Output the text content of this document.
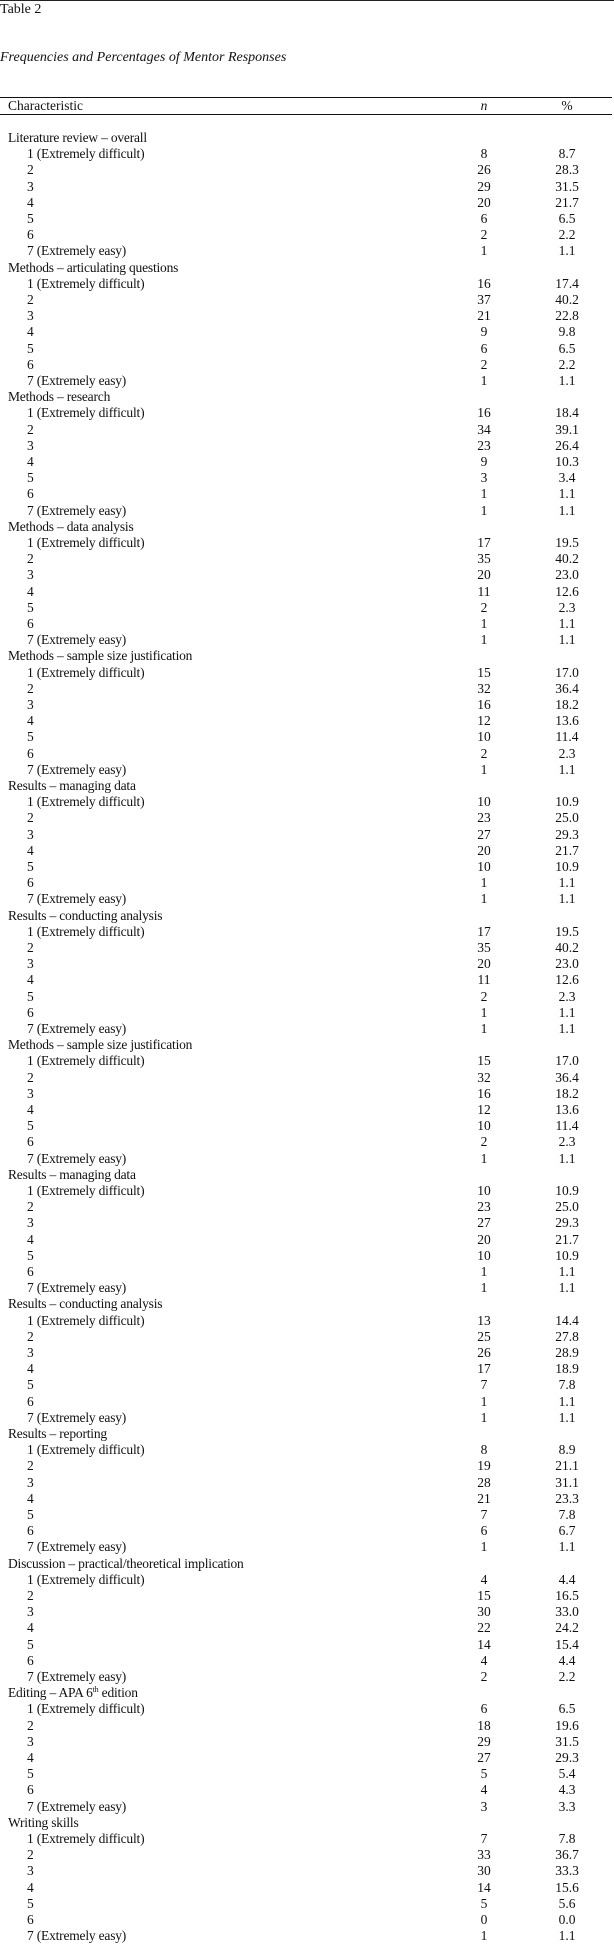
Table 2
Frequencies and Percentages of Mentor Responses
Characteristic	n	%
Literature review – overall
1 (Extremely difficult)	8	8.7
2	26	28.3
3	29	31.5
4	20	21.7
5	6	6.5
6	2	2.2
7 (Extremely easy)	1	1.1
Methods – articulating questions
1 (Extremely difficult)	16	17.4
2	37	40.2
3	21	22.8
4	9	9.8
5	6	6.5
6	2	2.2
7 (Extremely easy)	1	1.1
Methods – research
1 (Extremely difficult)	16	18.4
2	34	39.1
3	23	26.4
4	9	10.3
5	3	3.4
6	1	1.1
7 (Extremely easy)	1	1.1
Methods – data analysis
1 (Extremely difficult)	17	19.5
2	35	40.2
3	20	23.0
4	11	12.6
5	2	2.3
6	1	1.1
7 (Extremely easy)	1	1.1
Methods – sample size justification
1 (Extremely difficult)	15	17.0
2	32	36.4
3	16	18.2
4	12	13.6
5	10	11.4
6	2	2.3
7 (Extremely easy)	1	1.1
Results – managing data
1 (Extremely difficult)	10	10.9
2	23	25.0
3	27	29.3
4	20	21.7
5	10	10.9
6	1	1.1
7 (Extremely easy)	1	1.1
Results – conducting analysis
1 (Extremely difficult)	17	19.5
2	35	40.2
3	20	23.0
4	11	12.6
5	2	2.3
6	1	1.1
7 (Extremely easy)	1	1.1
Methods – sample size justification
1 (Extremely difficult)	15	17.0
2	32	36.4
3	16	18.2
4	12	13.6
5	10	11.4
6	2	2.3
7 (Extremely easy)	1	1.1
Results – managing data
1 (Extremely difficult)	10	10.9
2	23	25.0
3	27	29.3
4	20	21.7
5	10	10.9
6	1	1.1
7 (Extremely easy)	1	1.1
Results – conducting analysis
1 (Extremely difficult)	13	14.4
2	25	27.8
3	26	28.9
4	17	18.9
5	7	7.8
6	1	1.1
7 (Extremely easy)	1	1.1
Results – reporting
1 (Extremely difficult)	8	8.9
2	19	21.1
3	28	31.1
4	21	23.3
5	7	7.8
6	6	6.7
7 (Extremely easy)	1	1.1
Discussion – practical/theoretical implication
1 (Extremely difficult)	4	4.4
2	15	16.5
3	30	33.0
4	22	24.2
5	14	15.4
6	4	4.4
7 (Extremely easy)	2	2.2
Editing – APA 6th edition
1 (Extremely difficult)	6	6.5
2	18	19.6
3	29	31.5
4	27	29.3
5	5	5.4
6	4	4.3
7 (Extremely easy)	3	3.3
Writing skills
1 (Extremely difficult)	7	7.8
2	33	36.7
3	30	33.3
4	14	15.6
5	5	5.6
6	0	0.0
7 (Extremely easy)	1	1.1
